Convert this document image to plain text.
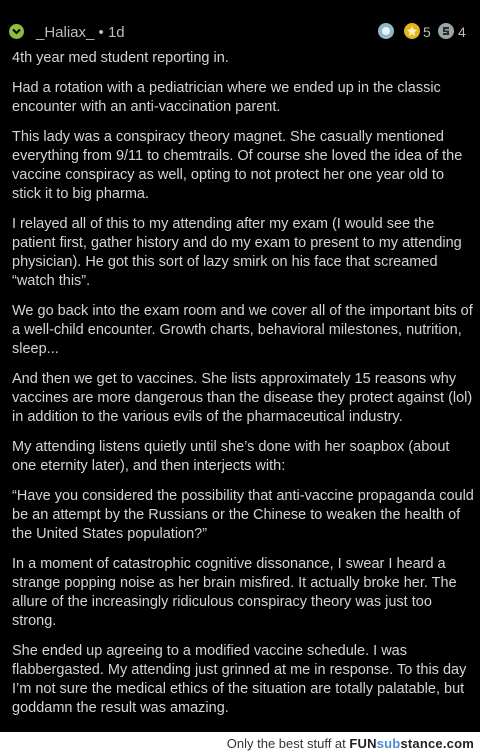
_Haliax_ • 1d	5 4

4th year med student reporting in.

Had a rotation with a pediatrician where we ended up in the classic encounter with an anti-vaccination parent.

This lady was a conspiracy theory magnet. She casually mentioned everything from 9/11 to chemtrails. Of course she loved the idea of the vaccine conspiracy as well, opting to not protect her one year old to stick it to big pharma.

I relayed all of this to my attending after my exam (I would see the patient first, gather history and do my exam to present to my attending physician). He got this sort of lazy smirk on his face that screamed “watch this”.

We go back into the exam room and we cover all of the important bits of a well-child encounter. Growth charts, behavioral milestones, nutrition, sleep...

And then we get to vaccines. She lists approximately 15 reasons why vaccines are more dangerous than the disease they protect against (lol) in addition to the various evils of the pharmaceutical industry.

My attending listens quietly until she’s done with her soapbox (about one eternity later), and then interjects with:

“Have you considered the possibility that anti-vaccine propaganda could be an attempt by the Russians or the Chinese to weaken the health of the United States population?”

In a moment of catastrophic cognitive dissonance, I swear I heard a strange popping noise as her brain misfired. It actually broke her. The allure of the increasingly ridiculous conspiracy theory was just too strong.

She ended up agreeing to a modified vaccine schedule. I was flabbergasted. My attending just grinned at me in response. To this day I’m not sure the medical ethics of the situation are totally palatable, but goddamn the result was amazing.

Only the best stuff at FUNsubstance.com
